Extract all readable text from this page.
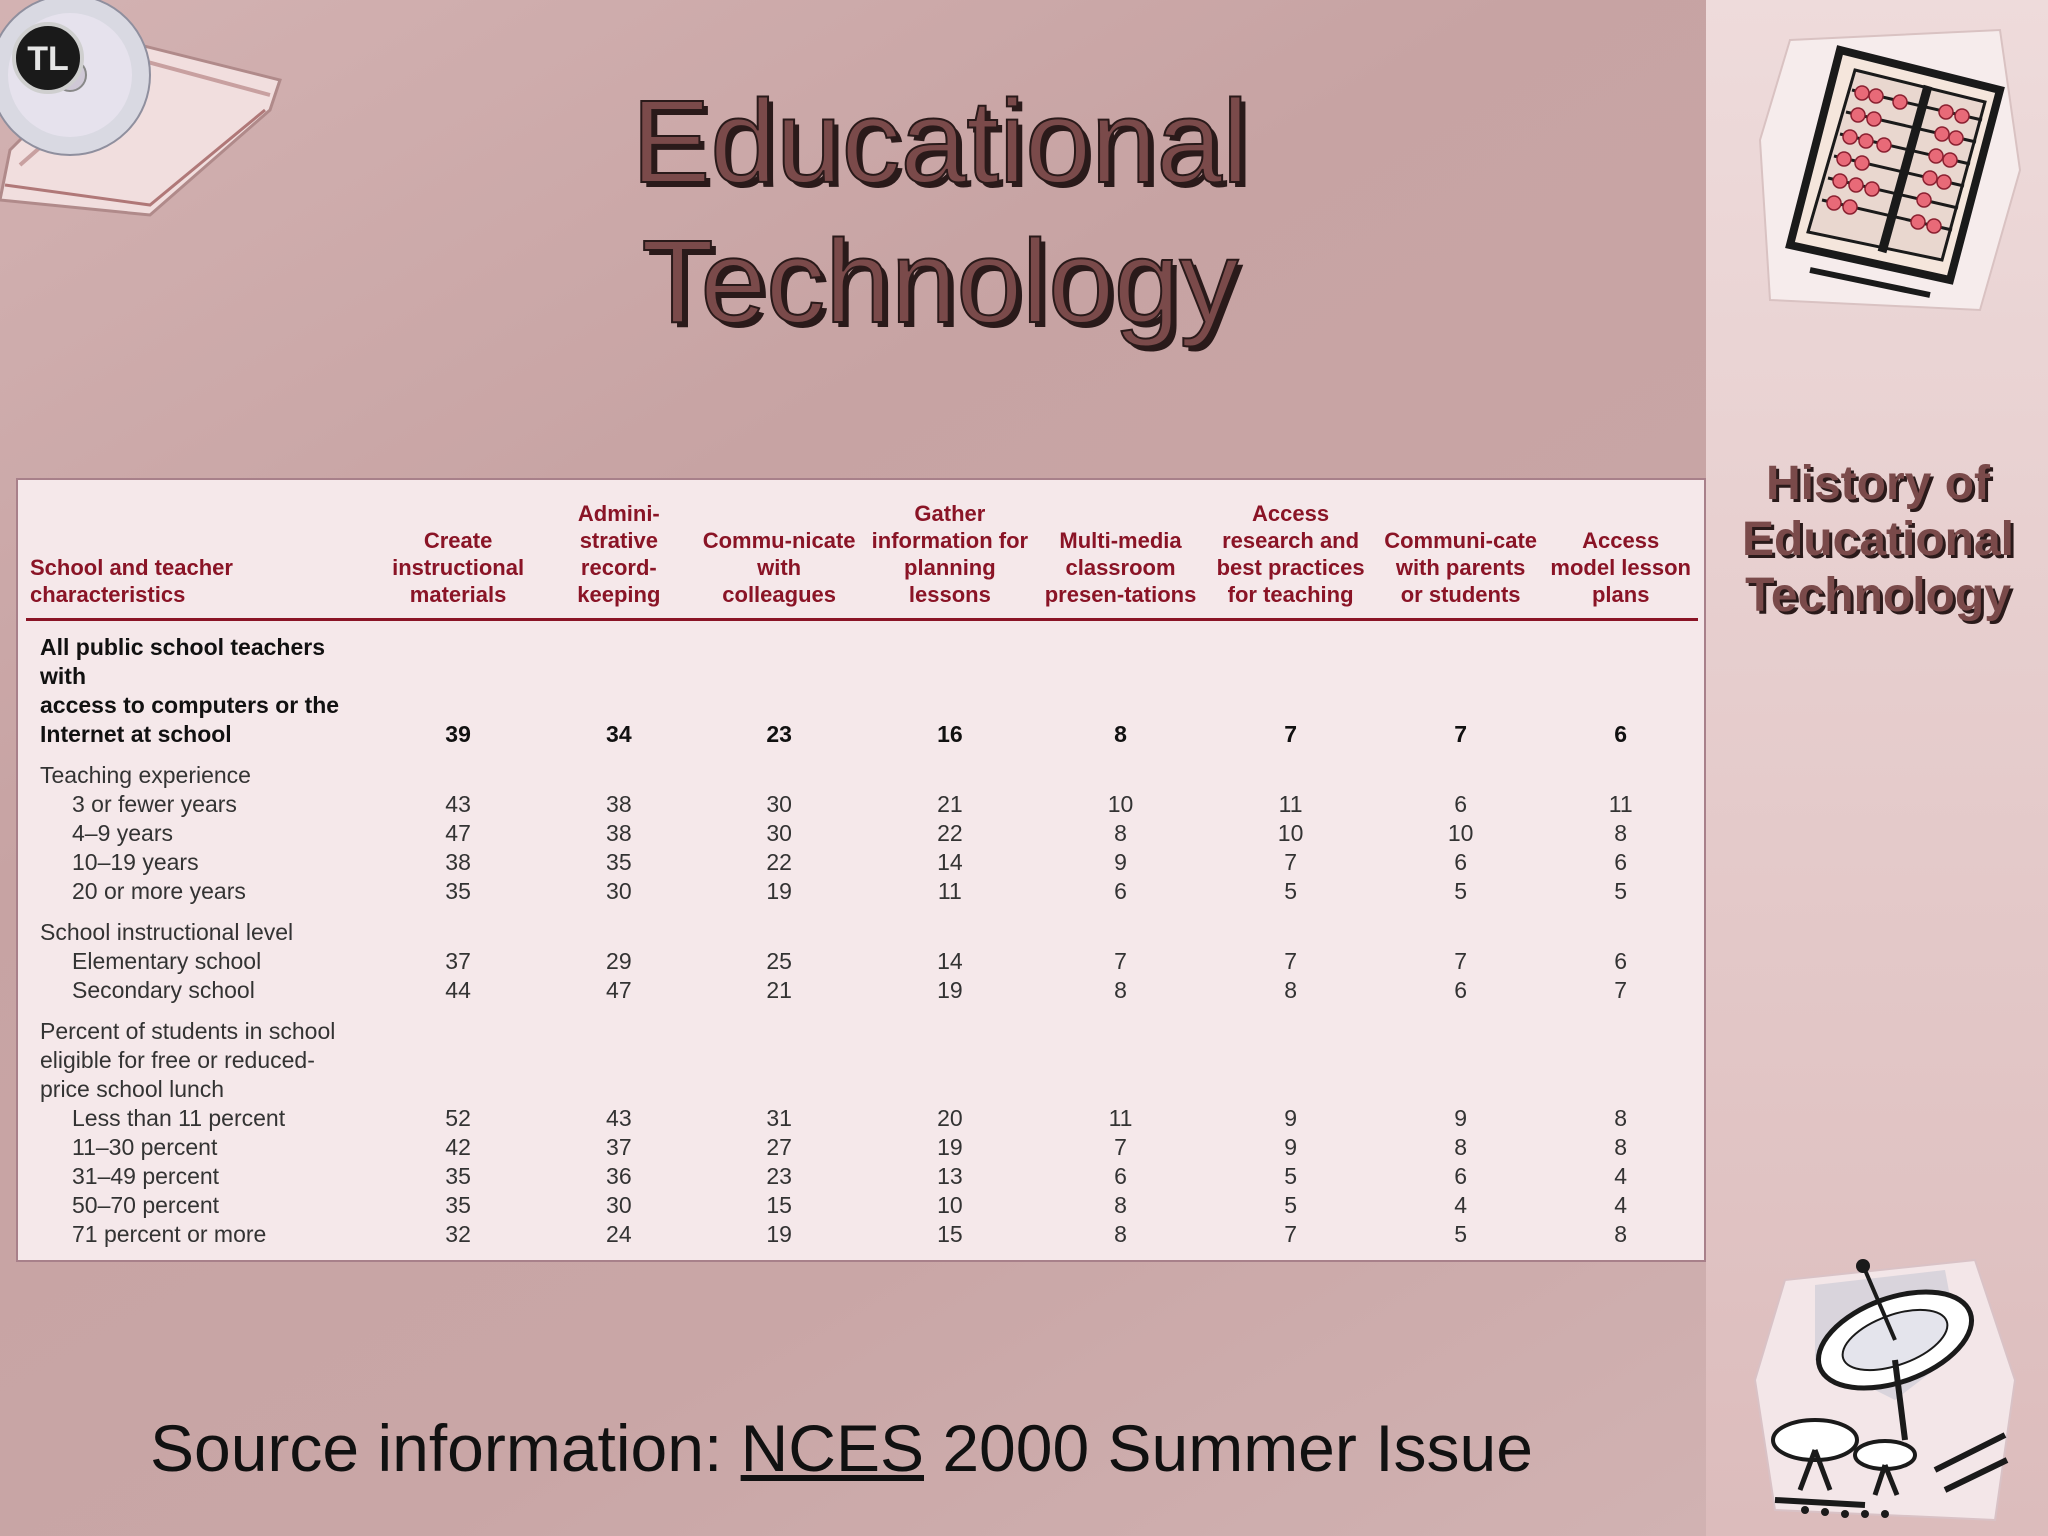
TL
Educational
Technology
History of
Educational
Technology
School and teacher characteristics	Create instructional materials	Admini-strative record-keeping	Commu-nicate with colleagues	Gather information for planning lessons	Multi-media classroom presen-tations	Access research and best practices for teaching	Communi-cate with parents or students	Access model lesson plans

All public school teachers with
access to computers or the
Internet at school	39	34	23	16	8	7	7	6

Teaching experience								
3 or fewer years	43	38	30	21	10	11	6	11
4–9 years	47	38	30	22	8	10	10	8
10–19 years	38	35	22	14	9	7	6	6
20 or more years	35	30	19	11	6	5	5	5

School instructional level								
Elementary school	37	29	25	14	7	7	7	6
Secondary school	44	47	21	19	8	8	6	7

Percent of students in school								
eligible for free or reduced-								
price school lunch								
Less than 11 percent	52	43	31	20	11	9	9	8
11–30 percent	42	37	27	19	7	9	8	8
31–49 percent	35	36	23	13	6	5	6	4
50–70 percent	35	30	15	10	8	5	4	4
71 percent or more	32	24	19	15	8	7	5	8
Source information: NCES 2000 Summer Issue
